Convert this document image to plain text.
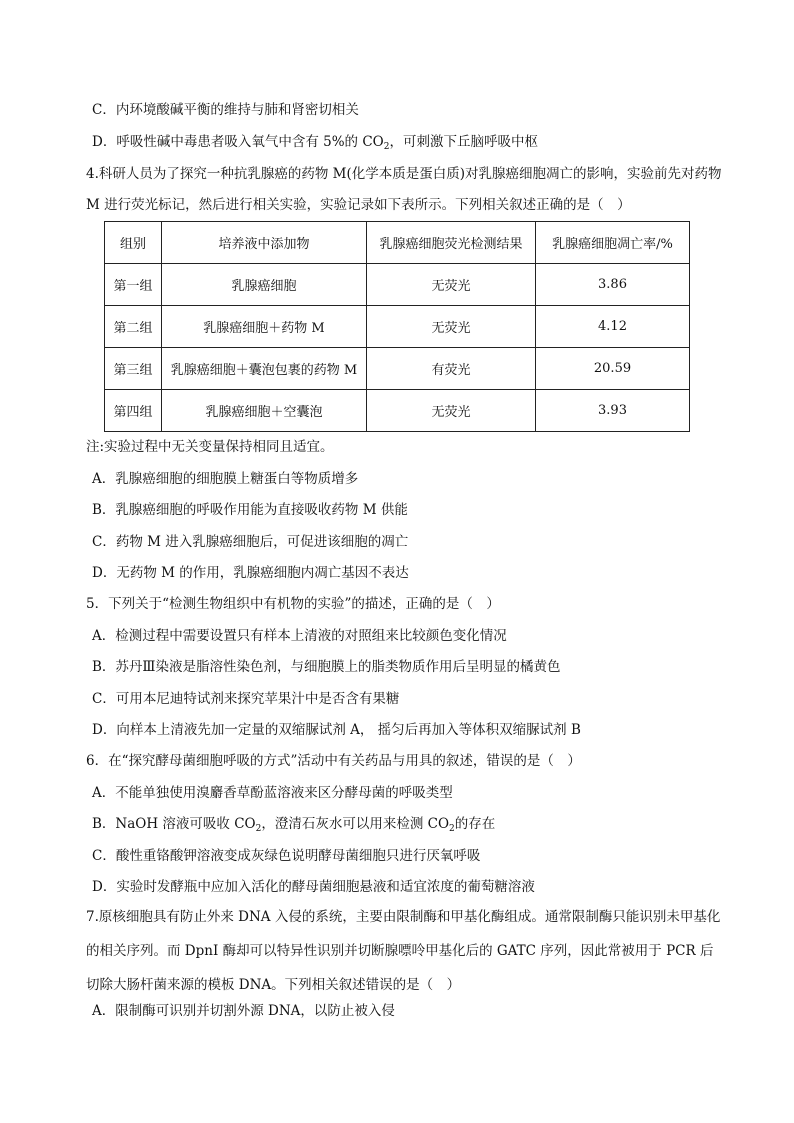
C．内环境酸碱平衡的维持与肺和肾密切相关
D．呼吸性碱中毒患者吸入氧气中含有 5%的 $CO_2$，可刺激下丘脑呼吸中枢
4.科研人员为了探究一种抗乳腺癌的药物 M(化学本质是蛋白质)对乳腺癌细胞凋亡的影响，实验前先对药物
M 进行荧光标记，然后进行相关实验，实验记录如下表所示。下列相关叙述正确的是（　）
组别	培养液中添加物	乳腺癌细胞荧光检测结果	乳腺癌细胞凋亡率/%
第一组	乳腺癌细胞	无荧光	3.86
第二组	乳腺癌细胞＋药物 M	无荧光	4.12
第三组	乳腺癌细胞＋囊泡包裹的药物 M	有荧光	20.59
第四组	乳腺癌细胞＋空囊泡	无荧光	3.93
注:实验过程中无关变量保持相同且适宜。
A．乳腺癌细胞的细胞膜上糖蛋白等物质增多
B．乳腺癌细胞的呼吸作用能为直接吸收药物 M 供能
C．药物 M 进入乳腺癌细胞后，可促进该细胞的凋亡
D．无药物 M 的作用，乳腺癌细胞内凋亡基因不表达
5．下列关于“检测生物组织中有机物的实验”的描述，正确的是（　）
A．检测过程中需要设置只有样本上清液的对照组来比较颜色变化情况
B．苏丹Ⅲ染液是脂溶性染色剂，与细胞膜上的脂类物质作用后呈明显的橘黄色
C．可用本尼迪特试剂来探究苹果汁中是否含有果糖
D．向样本上清液先加一定量的双缩脲试剂 A， 摇匀后再加入等体积双缩脲试剂 B
6．在“探究酵母菌细胞呼吸的方式”活动中有关药品与用具的叙述，错误的是（　）
A．不能单独使用溴麝香草酚蓝溶液来区分酵母菌的呼吸类型
B．NaOH 溶液可吸收 $CO_2$，澄清石灰水可以用来检测 $CO_2$的存在
C．酸性重铬酸钾溶液变成灰绿色说明酵母菌细胞只进行厌氧呼吸
D．实验时发酵瓶中应加入活化的酵母菌细胞悬液和适宜浓度的葡萄糖溶液
7.原核细胞具有防止外来 DNA 入侵的系统，主要由限制酶和甲基化酶组成。通常限制酶只能识别未甲基化的相关序列。而 DpnⅠ 酶却可以特异性识别并切断腺嘌呤甲基化后的 GATC 序列，因此常被用于 PCR 后切除大肠杆菌来源的模板 DNA。下列相关叙述错误的是（　）
A．限制酶可识别并切割外源 DNA，以防止被入侵
